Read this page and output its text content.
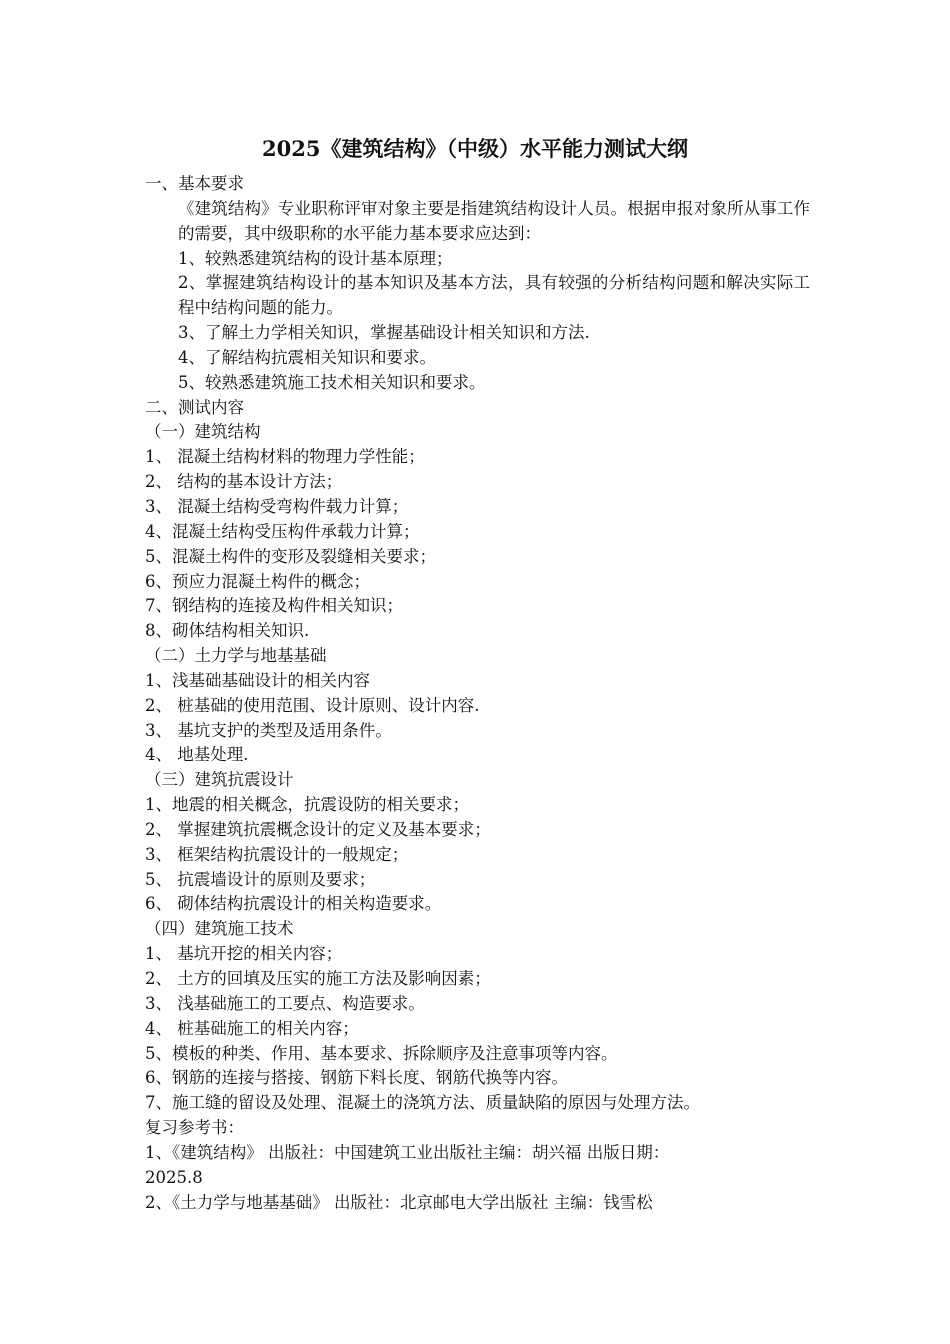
2025《建筑结构》（中级）水平能力测试大纲

一、基本要求

《建筑结构》专业职称评审对象主要是指建筑结构设计人员。根据申报对象所从事工作的需要，其中级职称的水平能力基本要求应达到：

1、较熟悉建筑结构的设计基本原理；

2、掌握建筑结构设计的基本知识及基本方法，具有较强的分析结构问题和解决实际工程中结构问题的能力。

3、了解土力学相关知识，掌握基础设计相关知识和方法.

4、了解结构抗震相关知识和要求。

5、较熟悉建筑施工技术相关知识和要求。

二、测试内容

（一）建筑结构

1、 混凝土结构材料的物理力学性能；

2、 结构的基本设计方法；

3、 混凝土结构受弯构件载力计算；

4、混凝土结构受压构件承载力计算；

5、混凝土构件的变形及裂缝相关要求；

6、预应力混凝土构件的概念；

7、钢结构的连接及构件相关知识；

8、砌体结构相关知识.

（二）土力学与地基基础

1、浅基础基础设计的相关内容

2、 桩基础的使用范围、设计原则、设计内容.

3、 基坑支护的类型及适用条件。

4、 地基处理.

（三）建筑抗震设计

1、地震的相关概念，抗震设防的相关要求；

2、 掌握建筑抗震概念设计的定义及基本要求；

3、 框架结构抗震设计的一般规定；

5、 抗震墙设计的原则及要求；

6、 砌体结构抗震设计的相关构造要求。

（四）建筑施工技术

1、 基坑开挖的相关内容；

2、 土方的回填及压实的施工方法及影响因素；

3、 浅基础施工的工要点、构造要求。

4、 桩基础施工的相关内容；

5、模板的种类、作用、基本要求、拆除顺序及注意事项等内容。

6、钢筋的连接与搭接、钢筋下料长度、钢筋代换等内容。

7、施工缝的留设及处理、混凝土的浇筑方法、质量缺陷的原因与处理方法。

复习参考书：

1、《建筑结构》 出版社：中国建筑工业出版社主编：胡兴福 出版日期：

2025.8

2、《土力学与地基基础》 出版社：北京邮电大学出版社 主编：钱雪松
